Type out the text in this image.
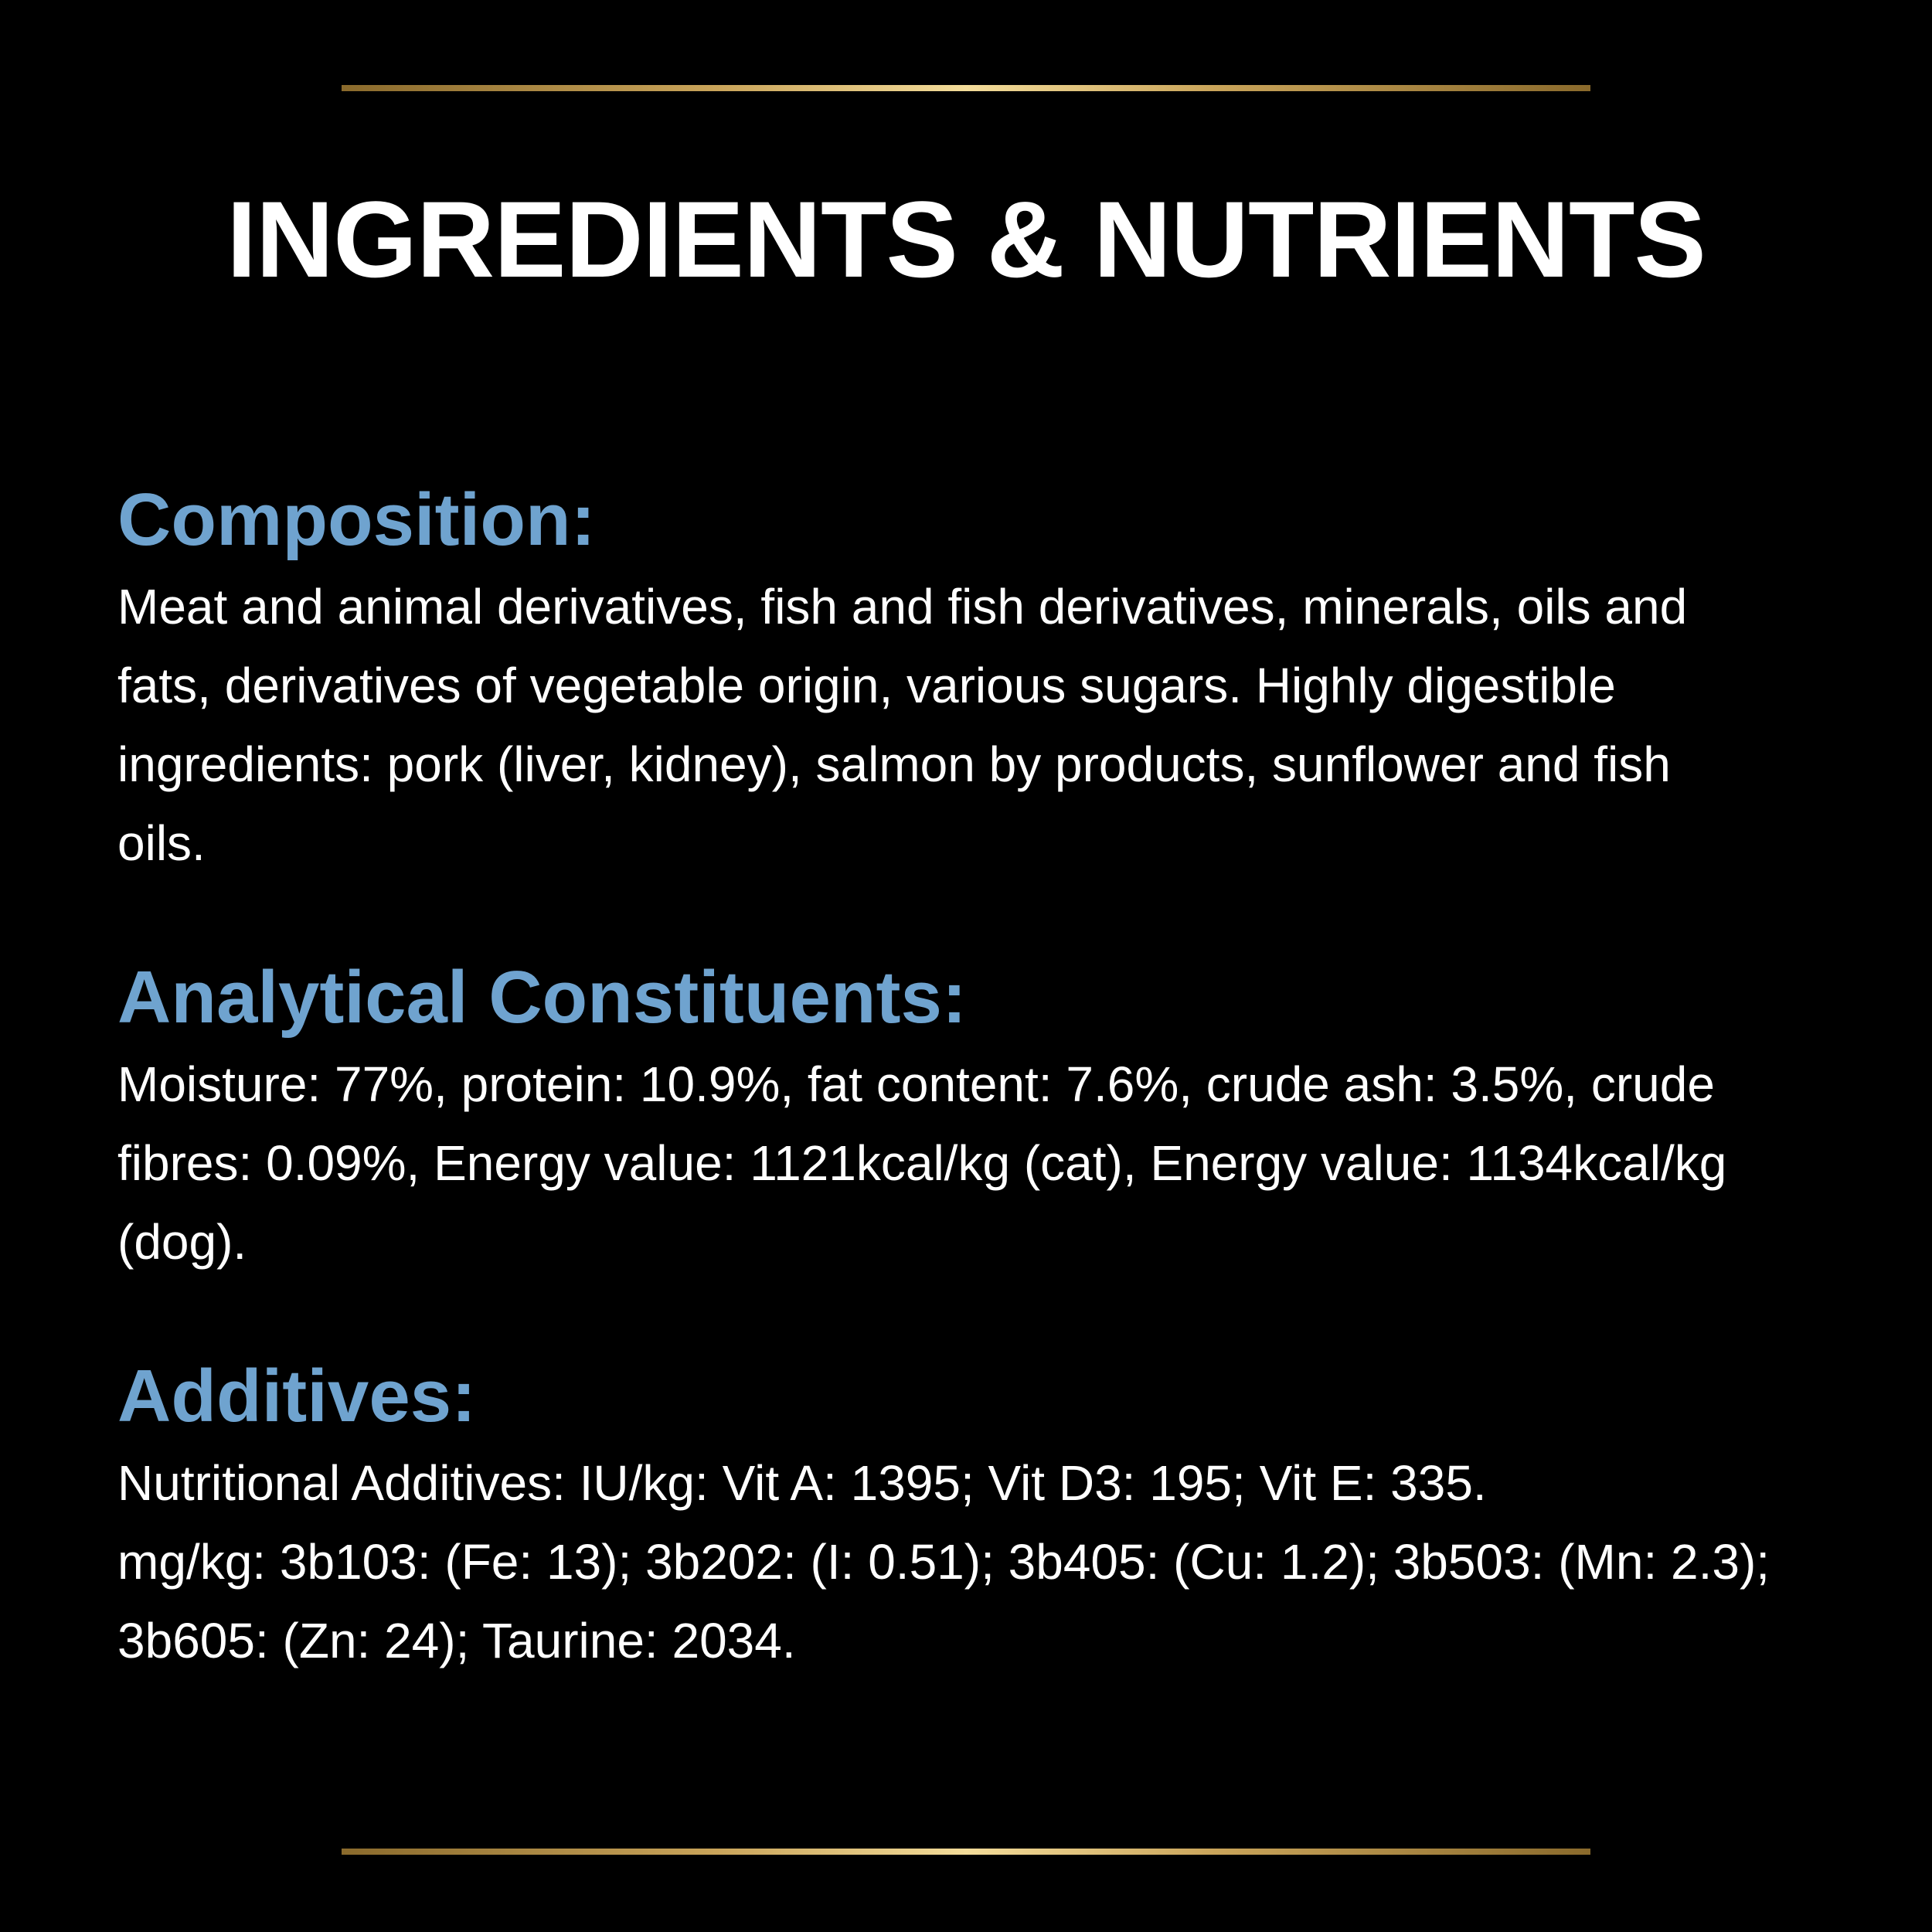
INGREDIENTS & NUTRIENTS
Composition:

Meat and animal derivatives, fish and fish derivatives, minerals, oils and
fats, derivatives of vegetable origin, various sugars. Highly digestible
ingredients: pork (liver, kidney), salmon by products, sunflower and fish
oils.

Analytical Constituents:

Moisture: 77%, protein: 10.9%, fat content: 7.6%, crude ash: 3.5%, crude
fibres: 0.09%, Energy value: 1121kcal/kg (cat), Energy value: 1134kcal/kg
(dog).

Additives:

Nutritional Additives: IU/kg: Vit A: 1395; Vit D3: 195; Vit E: 335.
mg/kg: 3b103: (Fe: 13); 3b202: (I: 0.51); 3b405: (Cu: 1.2); 3b503: (Mn: 2.3);
3b605: (Zn: 24); Taurine: 2034.
